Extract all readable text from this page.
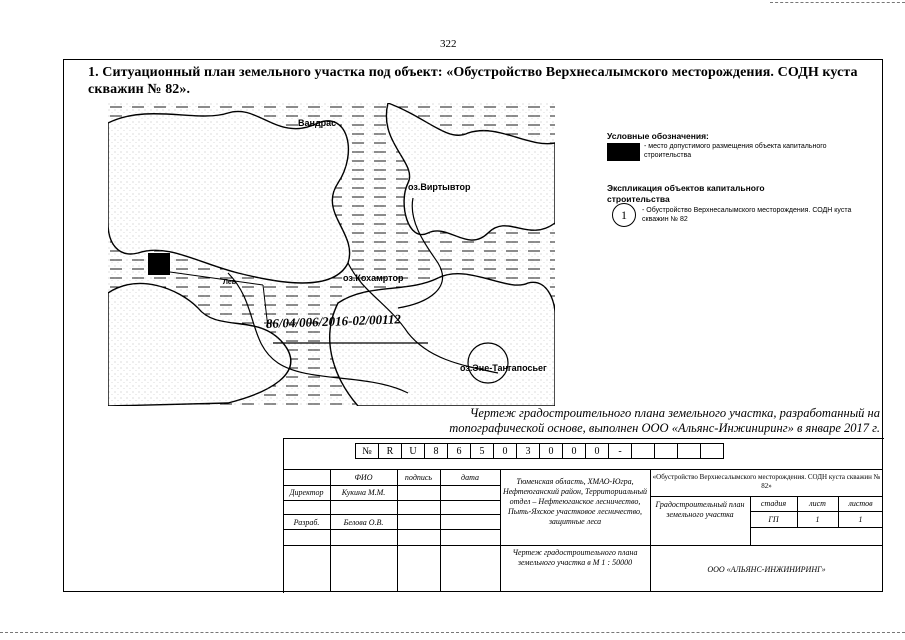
322
1. Ситуационный план земельного участка под объект: «Обустройство Верхнесалымского месторождения. СОДН куста скважин № 82».
Вандрас
оз.Виртывтор
оз.Кохамртор
оз.Эне-Тангапосьег
Лев
86/04/006/2016-02/00112
Условные обозначения:
- место допустимого размещения объекта капитального строительства
Экспликация объектов капитального строительства
1	- Обустройство Верхнесалымского месторождения. СОДН куста скважин № 82
Чертеж градостроительного плана земельного участка, разработанный на топографической основе, выполнен ООО «Альянс-Инжиниринг» в январе 2017 г.
№	R	U	8	6	5	0	3	0	0	0	-				
ФИО	подпись	дата
Директор	Кукина М.М.
Разраб.	Белова О.В.
Тюменская область, ХМАО-Югра, Нефтеюганский район, Территориальный отдел – Нефтеюганское лесничество, Пыть-Яхское участковое лесничество, защитные леса
Чертеж градостроительного плана земельного участка в М 1 : 50000
«Обустройство Верхнесалымского месторождения. СОДН куста скважин № 82»
Градостроительный план земельного участка
стадия	лист	листов
ГП	1	1
ООО «АЛЬЯНС-ИНЖИНИРИНГ»
